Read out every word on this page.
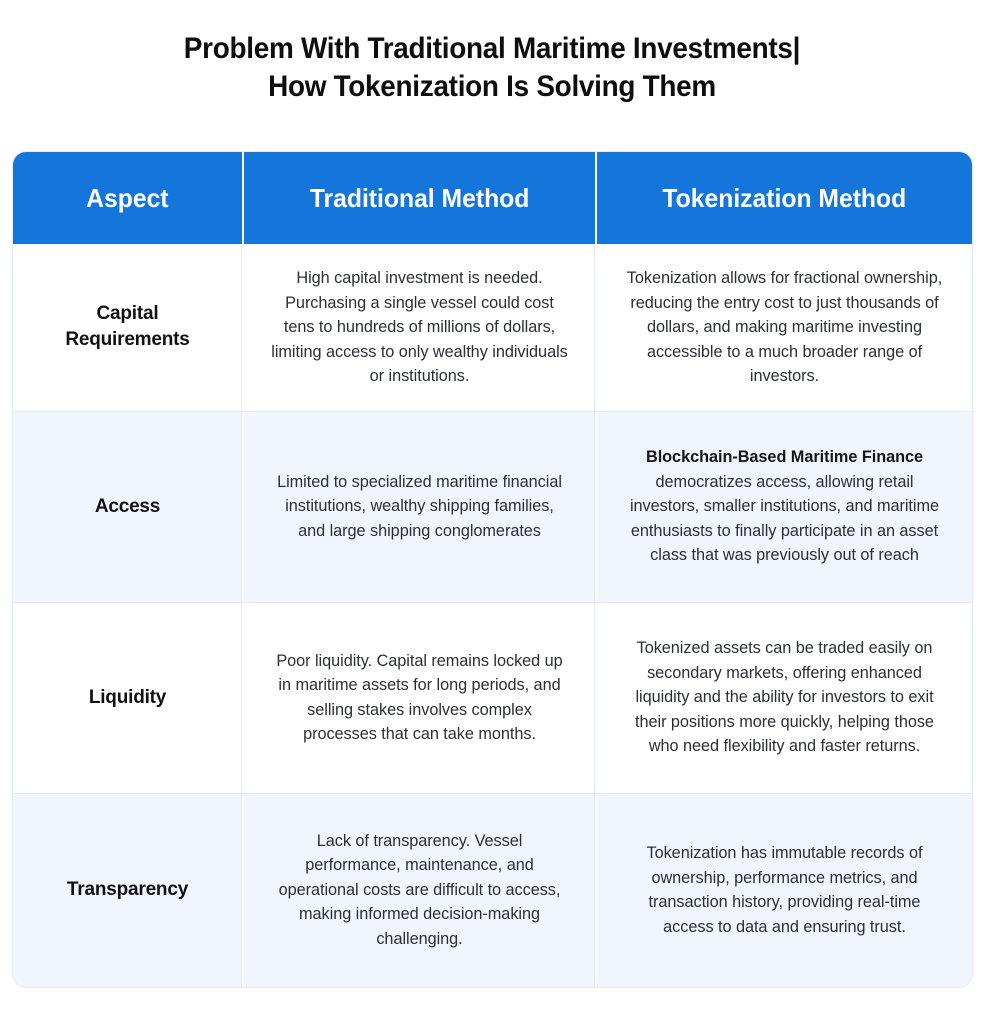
Problem With Traditional Maritime Investments|
How Tokenization Is Solving Them
Aspect	Traditional Method	Tokenization Method
Capital Requirements
High capital investment is needed. Purchasing a single vessel could cost tens to hundreds of millions of dollars, limiting access to only wealthy individuals or institutions.
Tokenization allows for fractional ownership, reducing the entry cost to just thousands of dollars, and making maritime investing accessible to a much broader range of investors.
Access
Limited to specialized maritime financial institutions, wealthy shipping families, and large shipping conglomerates
Blockchain-Based Maritime Finance democratizes access, allowing retail investors, smaller institutions, and maritime enthusiasts to finally participate in an asset class that was previously out of reach
Liquidity
Poor liquidity. Capital remains locked up in maritime assets for long periods, and selling stakes involves complex processes that can take months.
Tokenized assets can be traded easily on secondary markets, offering enhanced liquidity and the ability for investors to exit their positions more quickly, helping those who need flexibility and faster returns.
Transparency
Lack of transparency. Vessel performance, maintenance, and operational costs are difficult to access, making informed decision-making challenging.
Tokenization has immutable records of ownership, performance metrics, and transaction history, providing real-time access to data and ensuring trust.
